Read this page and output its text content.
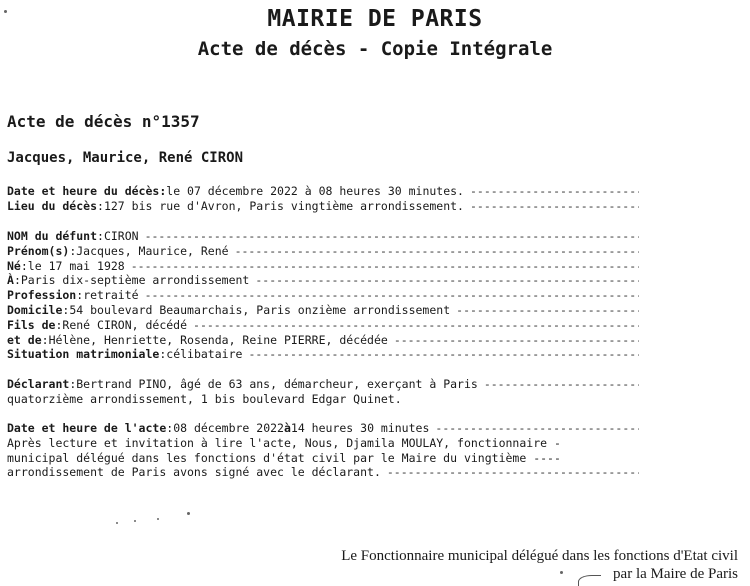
MAIRIE DE PARIS
Acte de décès - Copie Intégrale
Acte de décès n°1357
Jacques, Maurice, René CIRON
Date et heure du décès : le 07 décembre 2022 à 08 heures 30 minutes.
-----
Lieu du décès : 127 bis rue d'Avron, Paris vingtième arrondissement.
-----
NOM du défunt : CIRON
-----
Prénom(s) : Jacques, Maurice, René
-----
Né : le 17 mai 1928
-----
À : Paris dix-septième arrondissement
-----
Profession : retraité
-----
Domicile : 54 boulevard Beaumarchais, Paris onzième arrondissement
-----
Fils de : René CIRON, décédé
-----
et de : Hélène, Henriette, Rosenda, Reine PIERRE, décédée
-----
Situation matrimoniale : célibataire
-----
Déclarant : Bertrand PINO, âgé de 63 ans, démarcheur, exerçant à Paris
-----
quatorzième arrondissement, 1 bis boulevard Edgar Quinet.
Date et heure de l'acte : 08 décembre 2022 à 14 heures 30 minutes
-----
Après lecture et invitation à lire l'acte, Nous, Djamila MOULAY, fonctionnaire -
municipal délégué dans les fonctions d'état civil par le Maire du vingtième ----
arrondissement de Paris avons signé avec le déclarant.
-----
Le Fonctionnaire municipal délégué dans les fonctions d'Etat civil
par la Maire de Paris
